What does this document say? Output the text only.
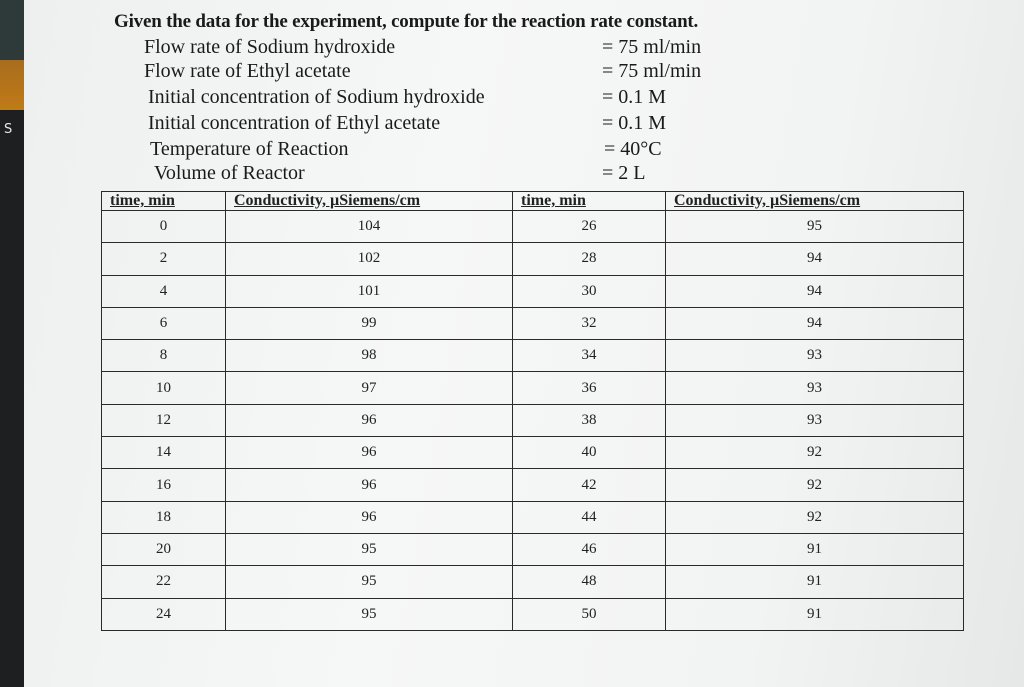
S
Given the data for the experiment, compute for the reaction rate constant.
Flow rate of Sodium hydroxide	= 75 ml/min
Flow rate of Ethyl acetate	= 75 ml/min
Initial concentration of Sodium hydroxide	= 0.1 M
Initial concentration of Ethyl acetate	= 0.1 M
Temperature of Reaction	= 40°C
Volume of Reactor	= 2 L
time, min	Conductivity, µSiemens/cm	time, min	Conductivity, µSiemens/cm
0	104	26	95
2	102	28	94
4	101	30	94
6	99	32	94
8	98	34	93
10	97	36	93
12	96	38	93
14	96	40	92
16	96	42	92
18	96	44	92
20	95	46	91
22	95	48	91
24	95	50	91
